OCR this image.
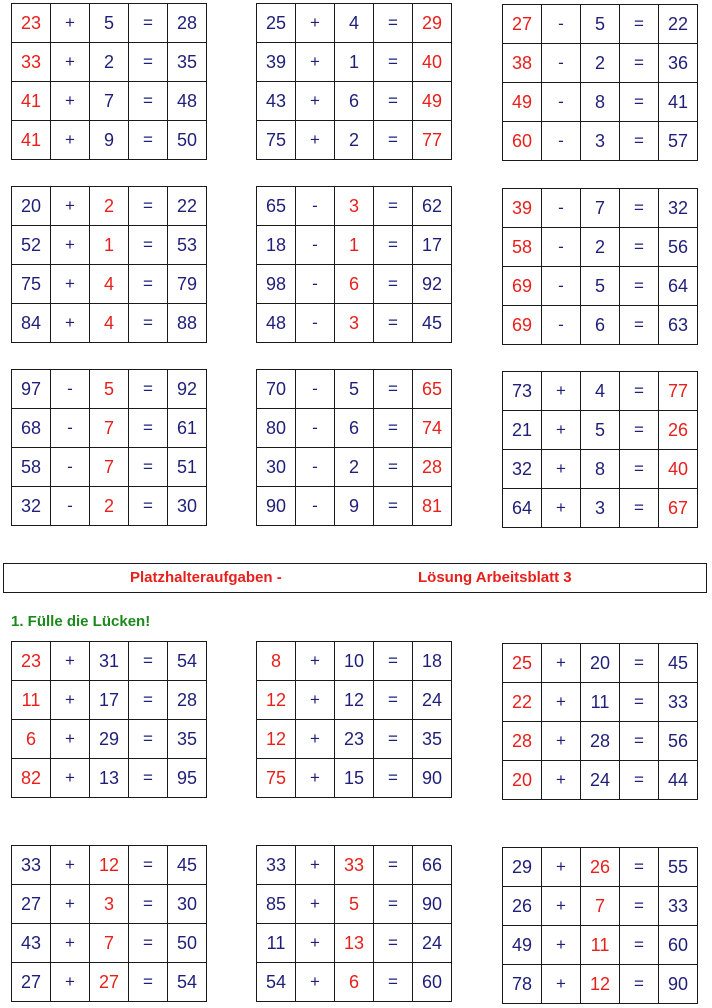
23	+	5	=	28
33	+	2	=	35
41	+	7	=	48
41	+	9	=	50
25	+	4	=	29
39	+	1	=	40
43	+	6	=	49
75	+	2	=	77
27	-	5	=	22
38	-	2	=	36
49	-	8	=	41
60	-	3	=	57
20	+	2	=	22
52	+	1	=	53
75	+	4	=	79
84	+	4	=	88
65	-	3	=	62
18	-	1	=	17
98	-	6	=	92
48	-	3	=	45
39	-	7	=	32
58	-	2	=	56
69	-	5	=	64
69	-	6	=	63
97	-	5	=	92
68	-	7	=	61
58	-	7	=	51
32	-	2	=	30
70	-	5	=	65
80	-	6	=	74
30	-	2	=	28
90	-	9	=	81
73	+	4	=	77
21	+	5	=	26
32	+	8	=	40
64	+	3	=	67
Platzhalteraufgaben -	Lösung Arbeitsblatt 3
1. Fülle die Lücken!
23	+	31	=	54
11	+	17	=	28
6	+	29	=	35
82	+	13	=	95
8	+	10	=	18
12	+	12	=	24
12	+	23	=	35
75	+	15	=	90
25	+	20	=	45
22	+	11	=	33
28	+	28	=	56
20	+	24	=	44
33	+	12	=	45
27	+	3	=	30
43	+	7	=	50
27	+	27	=	54
33	+	33	=	66
85	+	5	=	90
11	+	13	=	24
54	+	6	=	60
29	+	26	=	55
26	+	7	=	33
49	+	11	=	60
78	+	12	=	90
